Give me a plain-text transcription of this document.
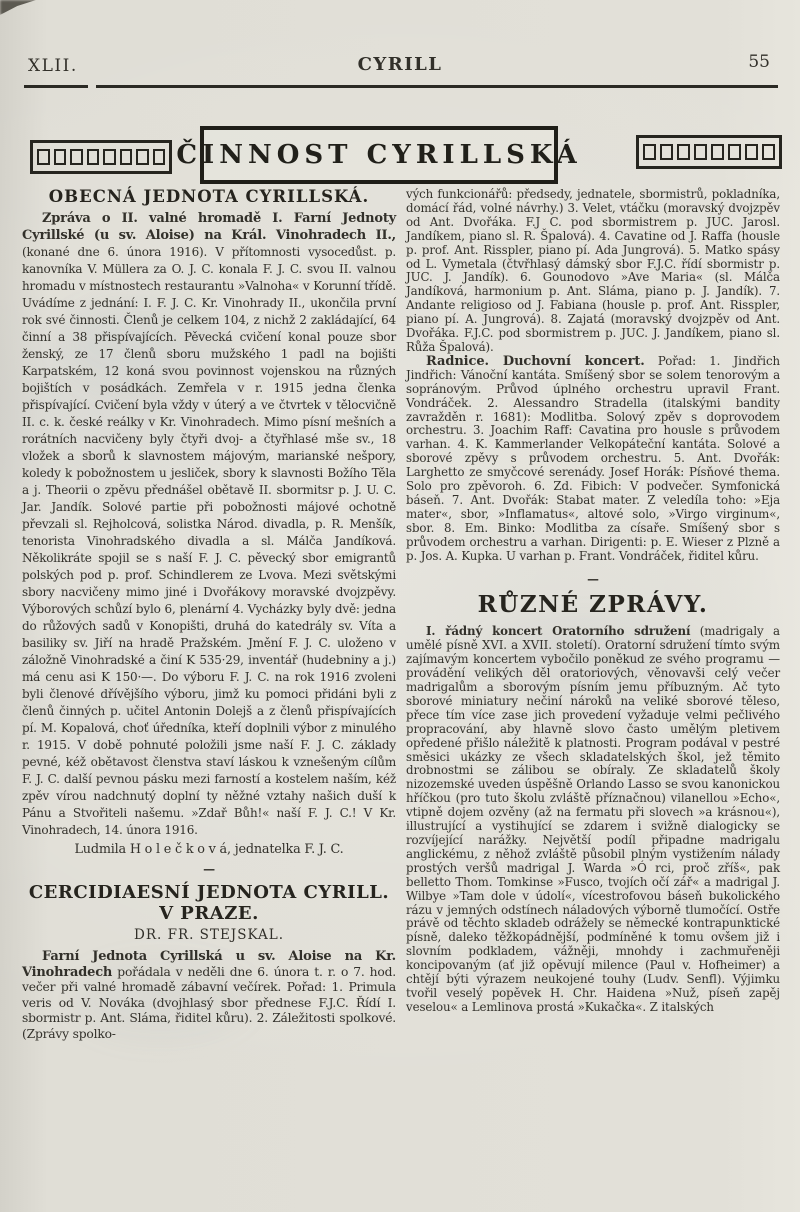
XLII.	CYRILL	55
ČINNOST CYRILLSKÁ
OBECNÁ JEDNOTA CYRILLSKÁ.

Zpráva o II. valné hromadě I. Farní Jednoty Cyrillské (u sv. Aloise) na Král. Vinohradech II., (konané dne 6. února 1916). V přítomnosti vysocedůst. p. kanovníka V. Müllera za O. J. C. konala F. J. C. svou II. valnou hromadu v místnostech restaurantu »Valnoha« v Korunní třídě. Uvádíme z jednání: I. F. J. C. Kr. Vinohrady II., ukončila první rok své činnosti. Členů je celkem 104, z nichž 2 zakládající, 64 činní a 38 přispívajících. Pěvecká cvičení konal pouze sbor ženský, ze 17 členů sboru mužského 1 padl na bojišti Karpatském, 12 koná svou povinnost vojenskou na různých bojištích v posádkách. Zemřela v r. 1915 jedna členka přispívající. Cvičení byla vždy v úterý a ve čtvrtek v tělocvičně II. c. k. české reálky v Kr. Vinohradech. Mimo písní mešních a rorátních nacvičeny byly čtyři dvoj- a čtyřhlasé mše sv., 18 vložek a sborů k slavnostem májovým, marianské nešpory, koledy k pobožnostem u jesliček, sbory k slavnosti Božího Těla a j. Theorii o zpěvu přednášel obětavě II. sbormitsr p. J. U. C. Jar. Jandík. Solové partie při pobožnosti májové ochotně převzali sl. Rejholcová, solistka Národ. divadla, p. R. Menšík, tenorista Vinohradského divadla a sl. Málča Jandíková. Několikráte spojil se s naší F. J. C. pěvecký sbor emigrantů polských pod p. prof. Schindlerem ze Lvova. Mezi světskými sbory nacvičeny mimo jiné i Dvořákovy moravské dvojzpěvy. Výborových schůzí bylo 6, plenární 4. Vycházky byly dvě: jedna do růžových sadů v Konopišti, druhá do katedrály sv. Víta a basiliky sv. Jiří na hradě Pražském. Jmění F. J. C. uloženo v záložně Vinohradské a činí K 535·29, inventář (hudebniny a j.) má cenu asi K 150·—. Do výboru F. J. C. na rok 1916 zvoleni byli členové dřívějšího výboru, jimž ku pomoci přidáni byli z členů činných p. učitel Antonin Dolejš a z členů přispívajících pí. M. Kopalová, choť úředníka, kteří doplnili výbor z minulého r. 1915. V době pohnuté položili jsme naší F. J. C. základy pevné, kéž obětavost členstva staví láskou k vznešeným cílům F. J. C. další pevnou pásku mezi farností a kostelem naším, kéž zpěv vírou nadchnutý doplní ty něžné vztahy našich duší k Pánu a Stvořiteli našemu. »Zdař Bůh!« naší F. J. C.! V Kr. Vinohradech, 14. února 1916.

Ludmila H o l e č k o v á, jednatelka F. J. C.
—
CERCIDIAESNÍ JEDNOTA CYRILL.
V PRAZE.
DR. FR. STEJSKAL.

Farní Jednota Cyrillská u sv. Aloise na Kr. Vinohradech pořádala v neděli dne 6. února t. r. o 7. hod. večer při valné hromadě zábavní večírek. Pořad: 1. Primula veris od V. Nováka (dvojhlasý sbor přednese F.J.C. Řídí I. sbormistr p. Ant. Sláma, řiditel kůru). 2. Záležitosti spolkové. (Zprávy spolko-

vých funkcionářů: předsedy, jednatele, sbormistrů, pokladníka, domácí řád, volné návrhy.) 3. Velet, vtáčku (moravský dvojzpěv od Ant. Dvořáka. F.J C. pod sbormistrem p. JUC. Jarosl. Jandíkem, piano sl. R. Špalová). 4. Cavatine od J. Raffa (housle p. prof. Ant. Risspler, piano pí. Ada Jungrová). 5. Matko spásy od L. Vymetala (čtvřhlasý dámský sbor F.J.C. řídí sbormistr p. JUC. J. Jandík). 6. Gounodovo »Ave Maria« (sl. Málča Jandíková, harmonium p. Ant. Sláma, piano p. J. Jandík). 7. Andante religioso od J. Fabiana (housle p. prof. Ant. Risspler, piano pí. A. Jungrová). 8. Zajatá (moravský dvojzpěv od Ant. Dvořáka. F.J.C. pod sbormistrem p. JUC. J. Jandíkem, piano sl. Růža Špalová).

Radnice. Duchovní koncert. Pořad: 1. Jindřich Jindřich: Vánoční kantáta. Smíšený sbor se solem tenorovým a sopránovým. Průvod úplného orchestru upravil Frant. Vondráček. 2. Alessandro Stradella (italskými bandity zavražděn r. 1681): Modlitba. Solový zpěv s doprovodem orchestru. 3. Joachim Raff: Cavatina pro housle s průvodem varhan. 4. K. Kammerlander Velkopáteční kantáta. Solové a sborové zpěvy s průvodem orchestru. 5. Ant. Dvořák: Larghetto ze smyčcové serenády. Josef Horák: Písňové thema. Solo pro zpěvoroh. 6. Zd. Fibich: V podvečer. Symfonická báseň. 7. Ant. Dvořák: Stabat mater. Z veledíla toho: »Eja mater«, sbor, »Inflamatus«, altové solo, »Virgo virginum«, sbor. 8. Em. Binko: Modlitba za císaře. Smíšený sbor s průvodem orchestru a varhan. Dirigenti: p. E. Wieser z Plzně a p. Jos. A. Kupka. U varhan p. Frant. Vondráček, řiditel kůru.

—
RŮZNÉ ZPRÁVY.

I. řádný koncert Oratorního sdružení (madrigaly a umělé písně XVI. a XVII. století). Oratorní sdružení tímto svým zajímavým koncertem vybočilo poněkud ze svého programu — provádění velikých děl oratoriových, věnovavši celý večer madrigalům a sborovým písním jemu příbuzným. Ač tyto sborové miniatury nečiní nároků na veliké sborové těleso, přece tím více zase jich provedení vyžaduje velmi pečlivého propracování, aby hlavně slovo často umělým pletivem opředené přišlo náležitě k platnosti. Program podával v pestré směsici ukázky ze všech skladatelských škol, jež těmito drobnostmi se zálibou se obíraly. Ze skladatelů školy nizozemské uveden úspěšně Orlando Lasso se svou kanonickou hříčkou (pro tuto školu zvláště příznačnou) vilanellou »Echo«, vtipně dojem ozvěny (až na fermatu při slovech »a krásnou«), illustrující a vystihující se zdarem i svižně dialogicky se rozvíjející narážky. Největší podíl připadne madrigalu anglickému, z něhož zvláště působil plným vystižením nálady prostých veršů madrigal J. Warda »Ó rci, proč zříš«, pak belletto Thom. Tomkinse »Fusco, tvojích očí zář« a madrigal J. Wilbye »Tam dole v údolí«, vícestrofovou báseň bukolického rázu v jemných odstínech náladových výborně tlumočící. Ostře právě od těchto skladeb odrážely se německé kontrapunktické písně, daleko těžkopádnější, podmíněné k tomu ovšem již i slovním podkladem, vážněji, mnohdy i zachmuřeněji koncipovaným (ať již opěvují milence (Paul v. Hofheimer) a chtějí býti výrazem neukojené touhy (Ludv. Senfl). Výjimku tvořil veselý popěvek H. Chr. Haidena »Nuž, píseň zapěj veselou« a Lemlinova prostá »Kukačka«. Z italských
